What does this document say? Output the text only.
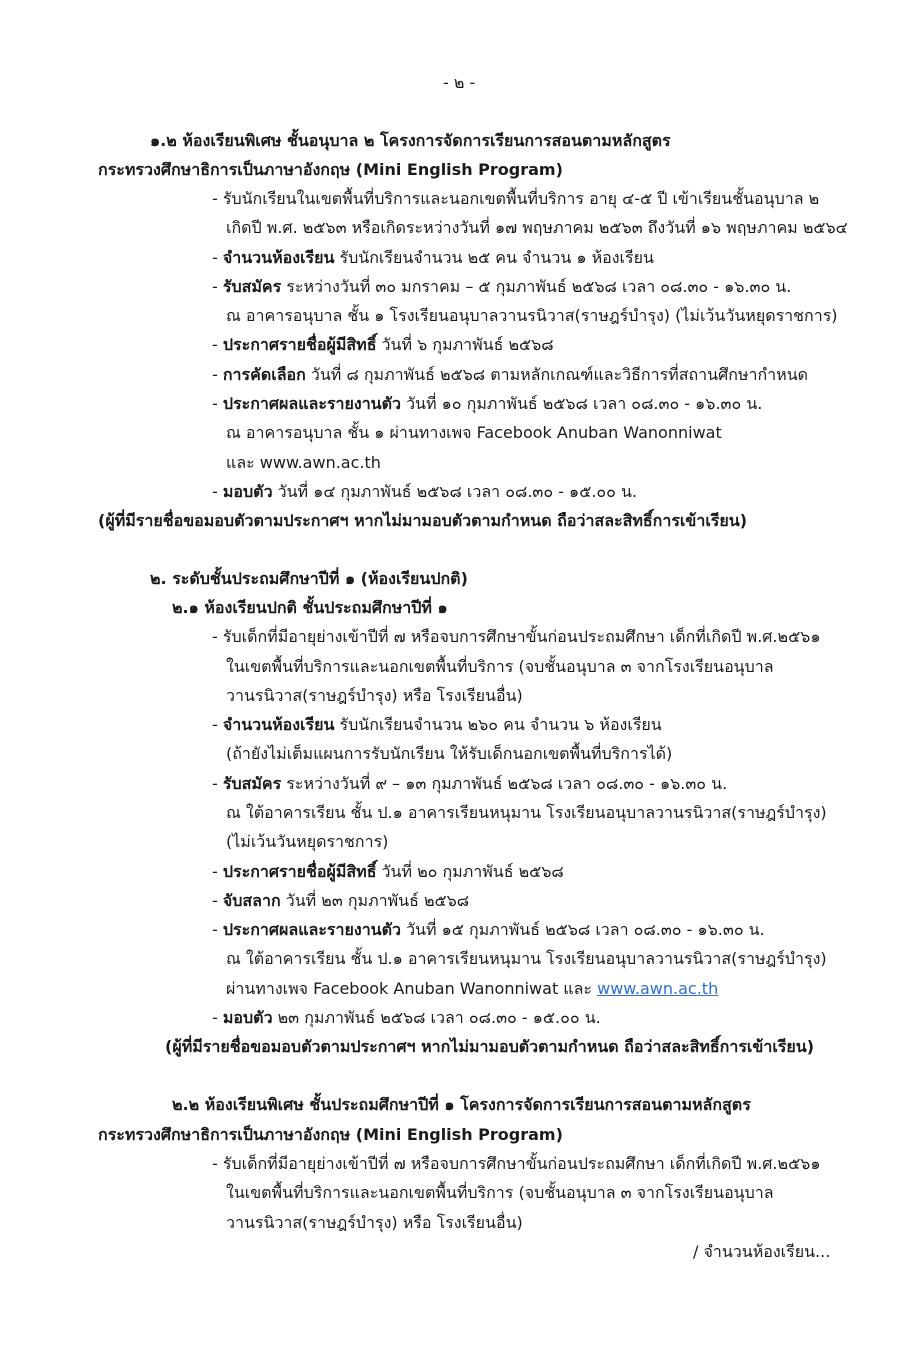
- ๒ -
๑.๒ ห้องเรียนพิเศษ ชั้นอนุบาล ๒ โครงการจัดการเรียนการสอนตามหลักสูตร
กระทรวงศึกษาธิการเป็นภาษาอังกฤษ (Mini English Program)
- รับนักเรียนในเขตพื้นที่บริการและนอกเขตพื้นที่บริการ อายุ ๔-๕ ปี เข้าเรียนชั้นอนุบาล ๒
เกิดปี พ.ศ. ๒๕๖๓ หรือเกิดระหว่างวันที่ ๑๗ พฤษภาคม ๒๕๖๓ ถึงวันที่ ๑๖ พฤษภาคม ๒๕๖๔
- จำนวนห้องเรียน รับนักเรียนจำนวน ๒๕ คน จำนวน ๑ ห้องเรียน
- รับสมัคร ระหว่างวันที่ ๓๐ มกราคม – ๕ กุมภาพันธ์ ๒๕๖๘ เวลา ๐๘.๓๐ - ๑๖.๓๐ น.
ณ อาคารอนุบาล ชั้น ๑ โรงเรียนอนุบาลวานรนิวาส(ราษฎร์บำรุง) (ไม่เว้นวันหยุดราชการ)
- ประกาศรายชื่อผู้มีสิทธิ์ วันที่ ๖ กุมภาพันธ์ ๒๕๖๘
- การคัดเลือก วันที่ ๘ กุมภาพันธ์ ๒๕๖๘ ตามหลักเกณฑ์และวิธีการที่สถานศึกษากำหนด
- ประกาศผลและรายงานตัว วันที่ ๑๐ กุมภาพันธ์ ๒๕๖๘ เวลา ๐๘.๓๐ - ๑๖.๓๐ น.
ณ อาคารอนุบาล ชั้น ๑ ผ่านทางเพจ Facebook Anuban Wanonniwat
และ www.awn.ac.th
- มอบตัว วันที่ ๑๔ กุมภาพันธ์ ๒๕๖๘ เวลา ๐๘.๓๐ - ๑๕.๐๐ น.
(ผู้ที่มีรายชื่อขอมอบตัวตามประกาศฯ หากไม่มามอบตัวตามกำหนด ถือว่าสละสิทธิ์การเข้าเรียน)
๒. ระดับชั้นประถมศึกษาปีที่ ๑ (ห้องเรียนปกติ)
๒.๑ ห้องเรียนปกติ ชั้นประถมศึกษาปีที่ ๑
- รับเด็กที่มีอายุย่างเข้าปีที่ ๗ หรือจบการศึกษาขั้นก่อนประถมศึกษา เด็กที่เกิดปี พ.ศ.๒๕๖๑
ในเขตพื้นที่บริการและนอกเขตพื้นที่บริการ (จบชั้นอนุบาล ๓ จากโรงเรียนอนุบาล
วานรนิวาส(ราษฎร์บำรุง) หรือ โรงเรียนอื่น)
- จำนวนห้องเรียน รับนักเรียนจำนวน ๒๖๐ คน จำนวน ๖ ห้องเรียน
(ถ้ายังไม่เต็มแผนการรับนักเรียน ให้รับเด็กนอกเขตพื้นที่บริการได้)
- รับสมัคร ระหว่างวันที่ ๙ – ๑๓ กุมภาพันธ์ ๒๕๖๘ เวลา ๐๘.๓๐ - ๑๖.๓๐ น.
ณ ใต้อาคารเรียน ชั้น ป.๑ อาคารเรียนหนุมาน โรงเรียนอนุบาลวานรนิวาส(ราษฎร์บำรุง)
(ไม่เว้นวันหยุดราชการ)
- ประกาศรายชื่อผู้มีสิทธิ์ วันที่ ๒๐ กุมภาพันธ์ ๒๕๖๘
- จับสลาก วันที่ ๒๓ กุมภาพันธ์ ๒๕๖๘
- ประกาศผลและรายงานตัว วันที่ ๑๕ กุมภาพันธ์ ๒๕๖๘ เวลา ๐๘.๓๐ - ๑๖.๓๐ น.
ณ ใต้อาคารเรียน ชั้น ป.๑ อาคารเรียนหนุมาน โรงเรียนอนุบาลวานรนิวาส(ราษฎร์บำรุง)
ผ่านทางเพจ Facebook Anuban Wanonniwat และ www.awn.ac.th
- มอบตัว ๒๓ กุมภาพันธ์ ๒๕๖๘ เวลา ๐๘.๓๐ - ๑๕.๐๐ น.
(ผู้ที่มีรายชื่อขอมอบตัวตามประกาศฯ หากไม่มามอบตัวตามกำหนด ถือว่าสละสิทธิ์การเข้าเรียน)
๒.๒ ห้องเรียนพิเศษ ชั้นประถมศึกษาปีที่ ๑ โครงการจัดการเรียนการสอนตามหลักสูตร
กระทรวงศึกษาธิการเป็นภาษาอังกฤษ (Mini English Program)
- รับเด็กที่มีอายุย่างเข้าปีที่ ๗ หรือจบการศึกษาขั้นก่อนประถมศึกษา เด็กที่เกิดปี พ.ศ.๒๕๖๑
ในเขตพื้นที่บริการและนอกเขตพื้นที่บริการ (จบชั้นอนุบาล ๓ จากโรงเรียนอนุบาล
วานรนิวาส(ราษฎร์บำรุง) หรือ โรงเรียนอื่น)
/ จำนวนห้องเรียน...
